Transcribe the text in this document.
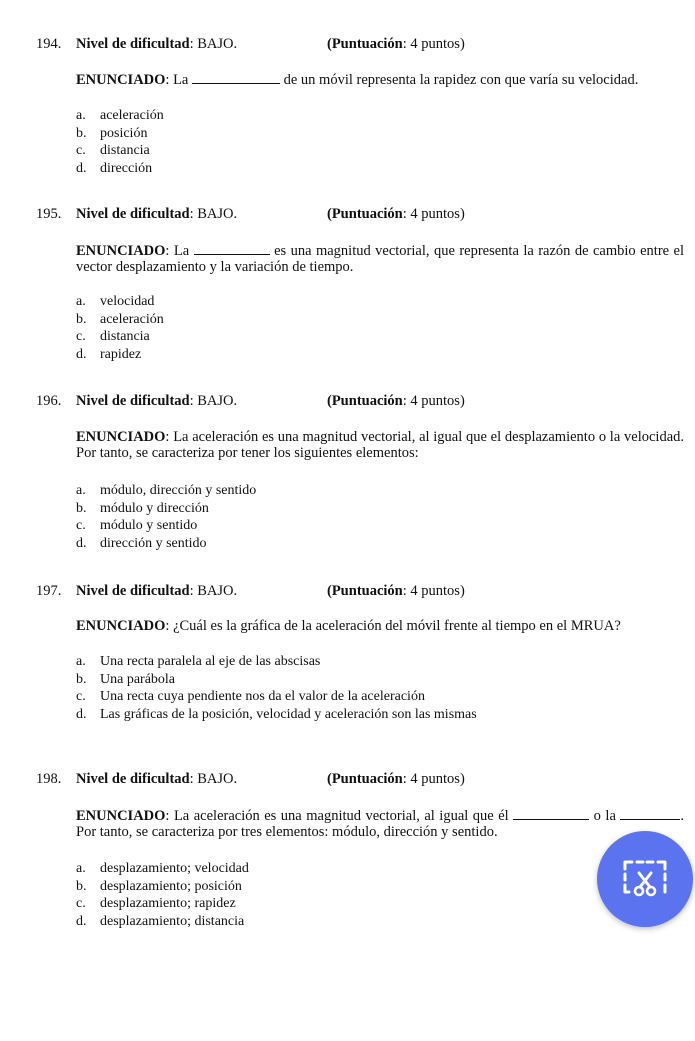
194. Nivel de dificultad: BAJO.	(Puntuación: 4 puntos)
ENUNCIADO: La	de un móvil representa la rapidez con que varía su velocidad.
a. aceleración
b. posición
c. distancia
d. dirección
195. Nivel de dificultad: BAJO.	(Puntuación: 4 puntos)
ENUNCIADO: La	es una magnitud vectorial, que representa la razón de cambio entre el vector desplazamiento y la variación de tiempo.
a. velocidad
b. aceleración
c. distancia
d. rapidez
196. Nivel de dificultad: BAJO.	(Puntuación: 4 puntos)
ENUNCIADO: La aceleración es una magnitud vectorial, al igual que el desplazamiento o la velocidad. Por tanto, se caracteriza por tener los siguientes elementos:
a. módulo, dirección y sentido
b. módulo y dirección
c. módulo y sentido
d. dirección y sentido
197. Nivel de dificultad: BAJO.	(Puntuación: 4 puntos)
ENUNCIADO: ¿Cuál es la gráfica de la aceleración del móvil frente al tiempo en el MRUA?
a. Una recta paralela al eje de las abscisas
b. Una parábola
c. Una recta cuya pendiente nos da el valor de la aceleración
d. Las gráficas de la posición, velocidad y aceleración son las mismas
198. Nivel de dificultad: BAJO.	(Puntuación: 4 puntos)
ENUNCIADO: La aceleración es una magnitud vectorial, al igual que él	o la	. Por tanto, se caracteriza por tres elementos: módulo, dirección y sentido.
a. desplazamiento; velocidad
b. desplazamiento; posición
c. desplazamiento; rapidez
d. desplazamiento; distancia
